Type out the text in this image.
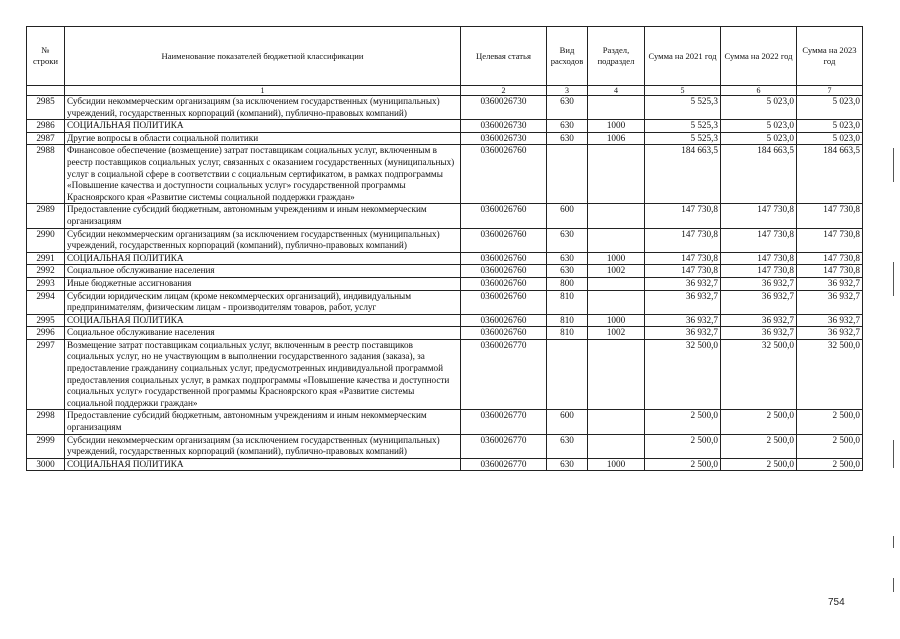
№ строки	Наименование показателей бюджетной классификации	Целевая статья	Вид расходов	Раздел, подраздел	Сумма на 2021 год	Сумма на 2022 год	Сумма на 2023 год
	1	2	3	4	5	6	7
2985	Субсидии некоммерческим организациям (за исключением государственных (муниципальных) учреждений, государственных корпораций (компаний), публично-правовых компаний)	0360026730	630		5 525,3	5 023,0	5 023,0
2986	СОЦИАЛЬНАЯ ПОЛИТИКА	0360026730	630	1000	5 525,3	5 023,0	5 023,0
2987	Другие вопросы в области социальной политики	0360026730	630	1006	5 525,3	5 023,0	5 023,0
2988	Финансовое обеспечение (возмещение) затрат поставщикам социальных услуг, включенным в реестр поставщиков социальных услуг, связанных с оказанием государственных (муниципальных) услуг в социальной сфере в соответствии с социальным сертификатом, в рамках подпрограммы «Повышение качества и доступности социальных услуг» государственной программы Красноярского края «Развитие системы социальной поддержки граждан»	0360026760			184 663,5	184 663,5	184 663,5
2989	Предоставление субсидий бюджетным, автономным учреждениям и иным некоммерческим организациям	0360026760	600		147 730,8	147 730,8	147 730,8
2990	Субсидии некоммерческим организациям (за исключением государственных (муниципальных) учреждений, государственных корпораций (компаний), публично-правовых компаний)	0360026760	630		147 730,8	147 730,8	147 730,8
2991	СОЦИАЛЬНАЯ ПОЛИТИКА	0360026760	630	1000	147 730,8	147 730,8	147 730,8
2992	Социальное обслуживание населения	0360026760	630	1002	147 730,8	147 730,8	147 730,8
2993	Иные бюджетные ассигнования	0360026760	800		36 932,7	36 932,7	36 932,7
2994	Субсидии юридическим лицам (кроме некоммерческих организаций), индивидуальным предпринимателям, физическим лицам - производителям товаров, работ, услуг	0360026760	810		36 932,7	36 932,7	36 932,7
2995	СОЦИАЛЬНАЯ ПОЛИТИКА	0360026760	810	1000	36 932,7	36 932,7	36 932,7
2996	Социальное обслуживание населения	0360026760	810	1002	36 932,7	36 932,7	36 932,7
2997	Возмещение затрат поставщикам социальных услуг, включенным в реестр поставщиков социальных услуг, но не участвующим в выполнении государственного задания (заказа), за предоставление гражданину социальных услуг, предусмотренных индивидуальной программой предоставления социальных услуг, в рамках подпрограммы «Повышение качества и доступности социальных услуг» государственной программы Красноярского края «Развитие системы социальной поддержки граждан»	0360026770			32 500,0	32 500,0	32 500,0
2998	Предоставление субсидий бюджетным, автономным учреждениям и иным некоммерческим организациям	0360026770	600		2 500,0	2 500,0	2 500,0
2999	Субсидии некоммерческим организациям (за исключением государственных (муниципальных) учреждений, государственных корпораций (компаний), публично-правовых компаний)	0360026770	630		2 500,0	2 500,0	2 500,0
3000	СОЦИАЛЬНАЯ ПОЛИТИКА	0360026770	630	1000	2 500,0	2 500,0	2 500,0
754
